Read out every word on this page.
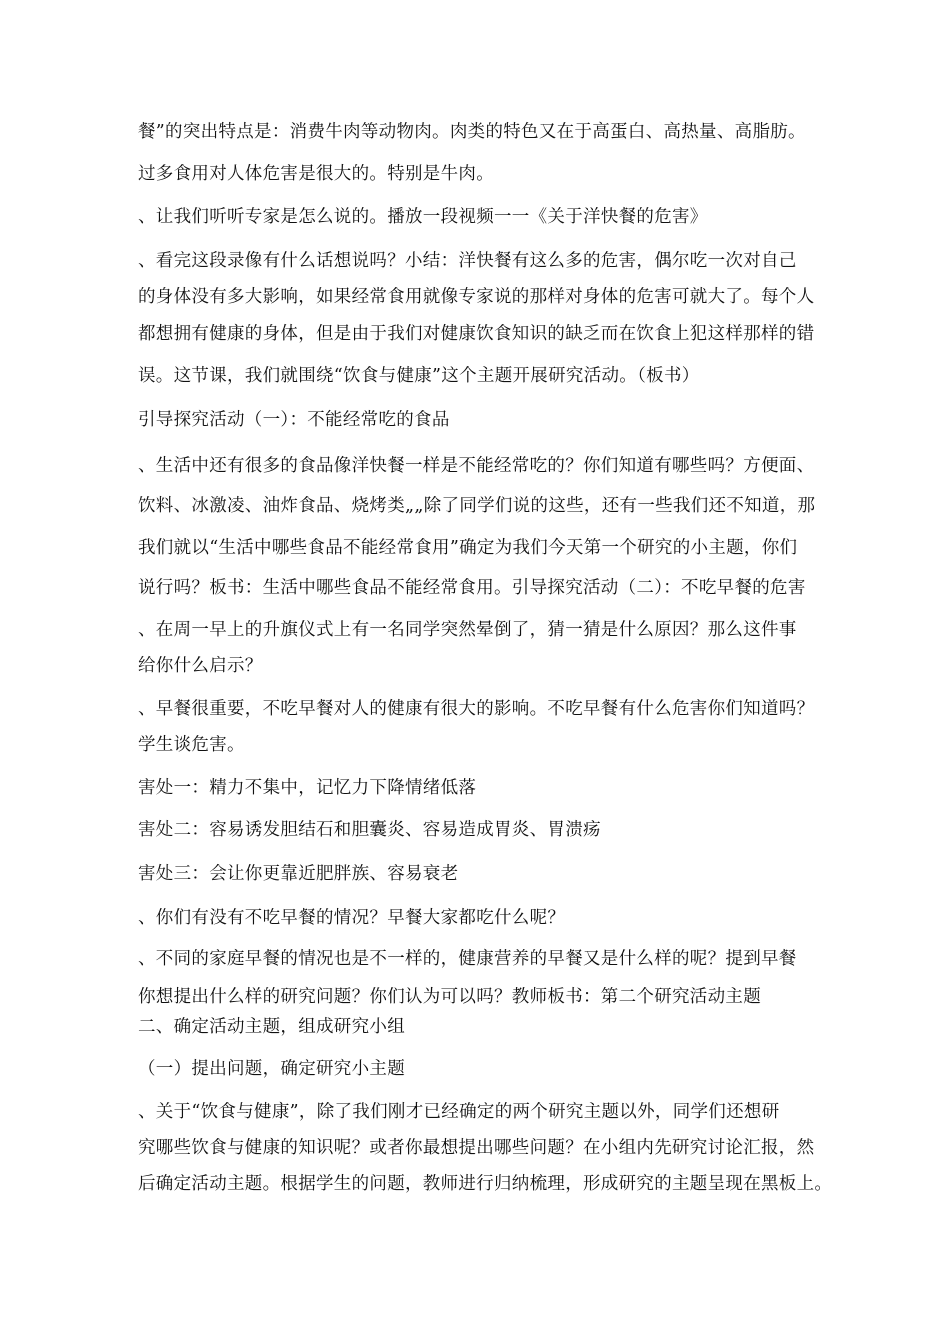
餐”的突出特点是：消费牛肉等动物肉。肉类的特色又在于高蛋白、高热量、高脂肪。
过多食用对人体危害是很大的。特别是牛肉。
、让我们听听专家是怎么说的。播放一段视频一一《关于洋快餐的危害》
、看完这段录像有什么话想说吗？小结：洋快餐有这么多的危害，偶尔吃一次对自己
的身体没有多大影响，如果经常食用就像专家说的那样对身体的危害可就大了。每个人
都想拥有健康的身体，但是由于我们对健康饮食知识的缺乏而在饮食上犯这样那样的错
误。这节课，我们就围绕“饮食与健康”这个主题开展研究活动。（板书）
引导探究活动（一）：不能经常吃的食品
、生活中还有很多的食品像洋快餐一样是不能经常吃的？你们知道有哪些吗？方便面、
饮料、冰激凌、油炸食品、烧烤类„„除了同学们说的这些，还有一些我们还不知道，那
我们就以“生活中哪些食品不能经常食用”确定为我们今天第一个研究的小主题，你们
说行吗？板书：生活中哪些食品不能经常食用。引导探究活动（二）：不吃早餐的危害
、在周一早上的升旗仪式上有一名同学突然晕倒了，猜一猜是什么原因？那么这件事
给你什么启示？
、早餐很重要，不吃早餐对人的健康有很大的影响。不吃早餐有什么危害你们知道吗？
学生谈危害。
害处一：精力不集中，记忆力下降情绪低落
害处二：容易诱发胆结石和胆囊炎、容易造成胃炎、胃溃疡
害处三：会让你更靠近肥胖族、容易衰老
、你们有没有不吃早餐的情况？早餐大家都吃什么呢？
、不同的家庭早餐的情况也是不一样的，健康营养的早餐又是什么样的呢？提到早餐
你想提出什么样的研究问题？你们认为可以吗？教师板书：第二个研究活动主题
二、确定活动主题，组成研究小组
（一）提出问题，确定研究小主题
、关于“饮食与健康”，除了我们刚才已经确定的两个研究主题以外，同学们还想研
究哪些饮食与健康的知识呢？或者你最想提出哪些问题？在小组内先研究讨论汇报，然
后确定活动主题。根据学生的问题，教师进行归纳梳理，形成研究的主题呈现在黑板上。
